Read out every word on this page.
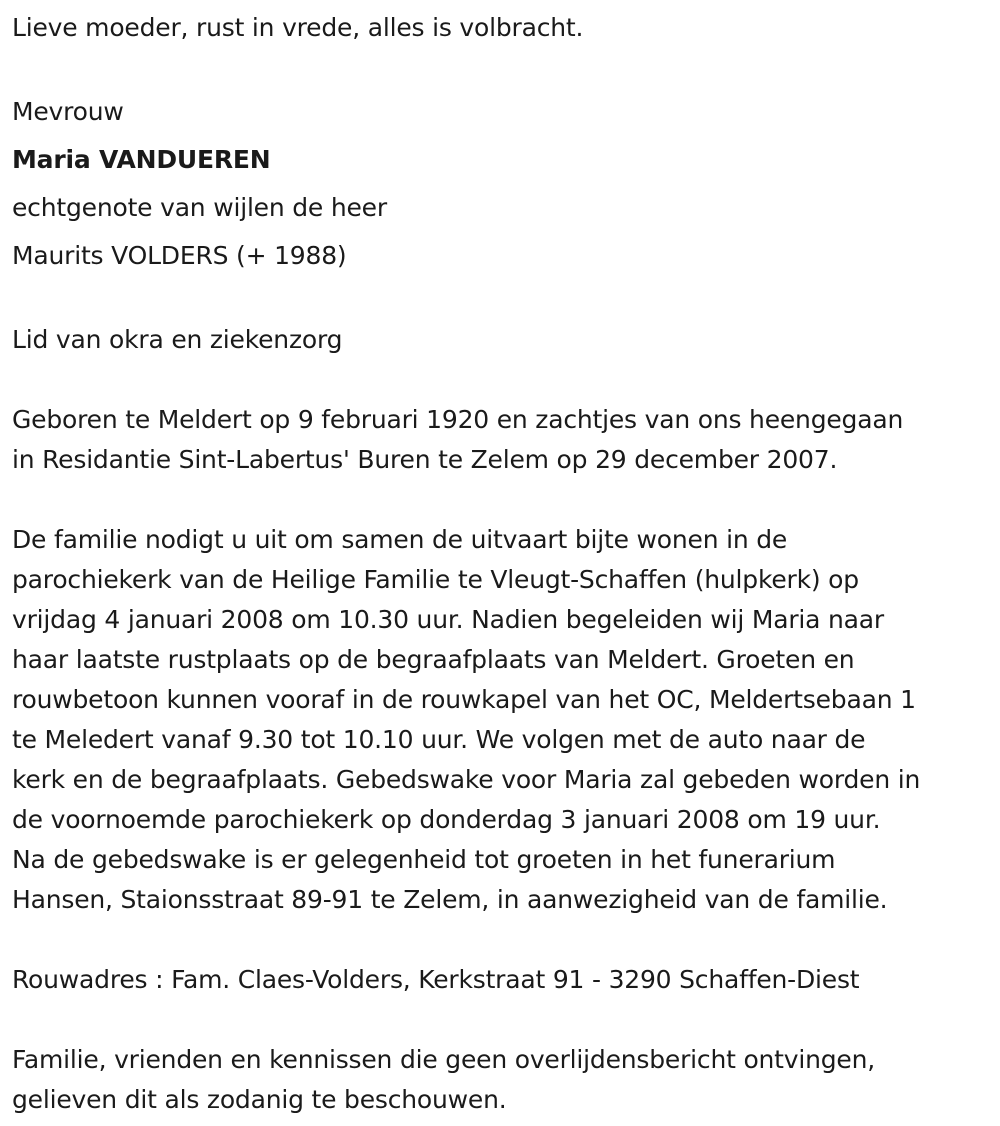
Lieve moeder, rust in vrede, alles is volbracht.

Mevrouw
Maria VANDUEREN
echtgenote van wijlen de heer
Maurits VOLDERS (+ 1988)

Lid van okra en ziekenzorg

Geboren te Meldert op 9 februari 1920 en zachtjes van ons heengegaan
in Residantie Sint-Labertus' Buren te Zelem op 29 december 2007.

De familie nodigt u uit om samen de uitvaart bijte wonen in de
parochiekerk van de Heilige Familie te Vleugt-Schaffen (hulpkerk) op
vrijdag 4 januari 2008 om 10.30 uur. Nadien begeleiden wij Maria naar
haar laatste rustplaats op de begraafplaats van Meldert. Groeten en
rouwbetoon kunnen vooraf in de rouwkapel van het OC, Meldertsebaan 1
te Meledert vanaf 9.30 tot 10.10 uur. We volgen met de auto naar de
kerk en de begraafplaats. Gebedswake voor Maria zal gebeden worden in
de voornoemde parochiekerk op donderdag 3 januari 2008 om 19 uur.
Na de gebedswake is er gelegenheid tot groeten in het funerarium
Hansen, Staionsstraat 89-91 te Zelem, in aanwezigheid van de familie.

Rouwadres : Fam. Claes-Volders, Kerkstraat 91 - 3290 Schaffen-Diest

Familie, vrienden en kennissen die geen overlijdensbericht ontvingen,
gelieven dit als zodanig te beschouwen.
